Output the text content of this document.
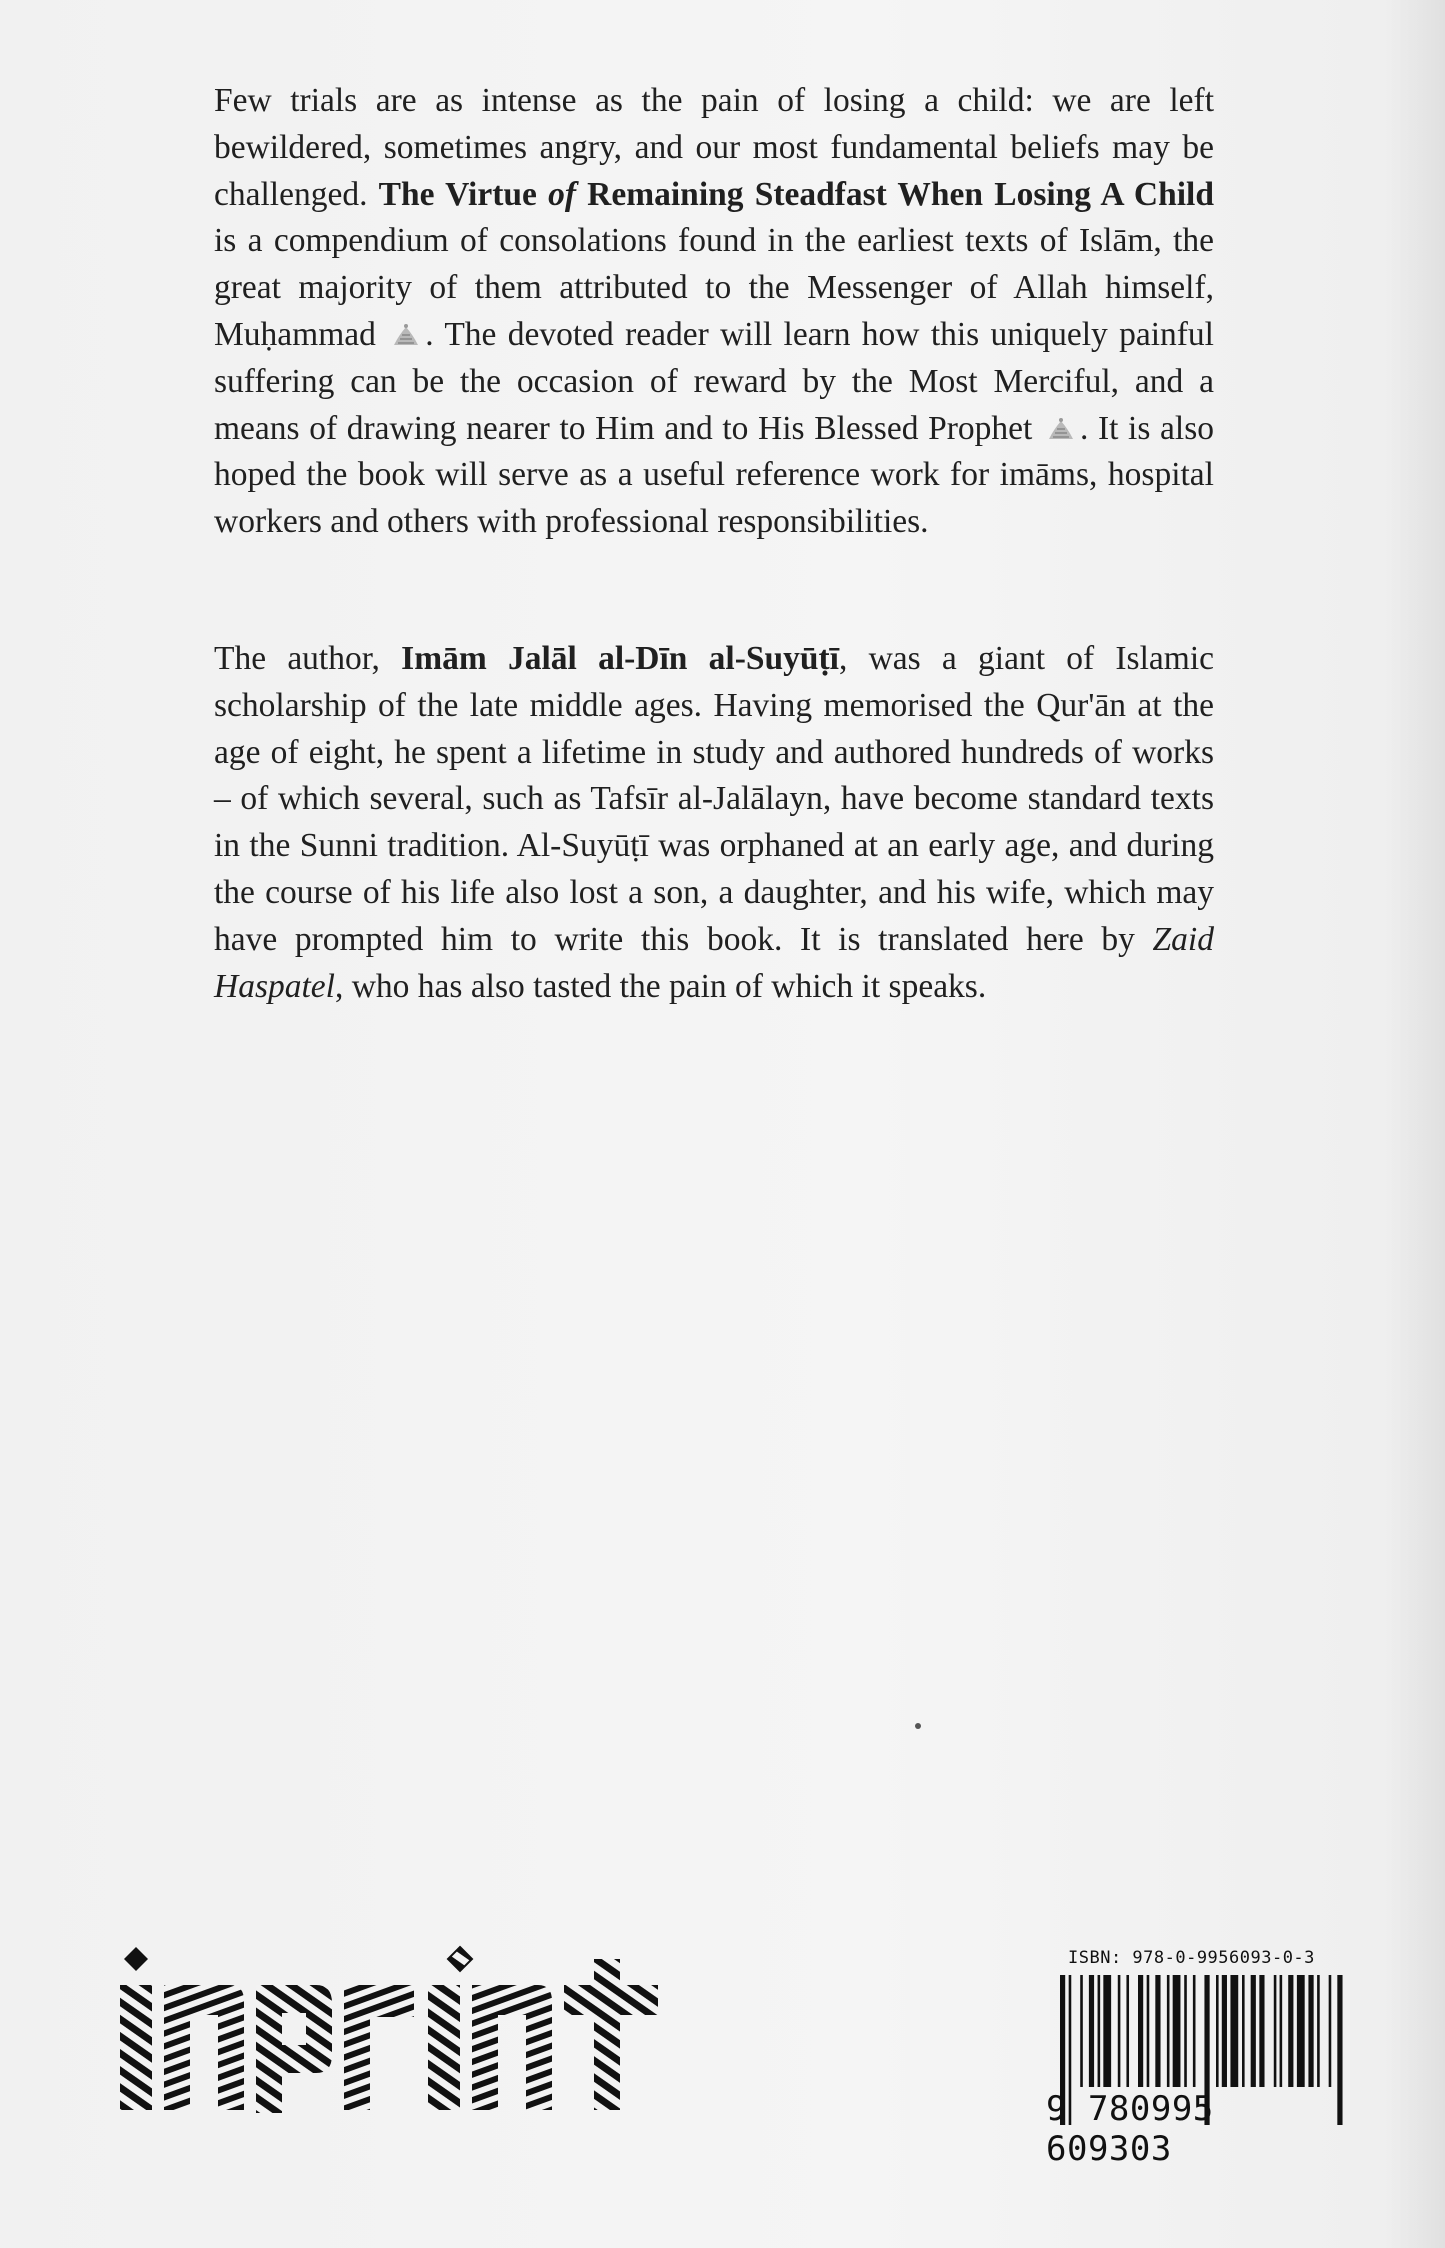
Few trials are as intense as the pain of losing a child: we are left bewildered, sometimes angry, and our most fundamental beliefs may be challenged. The Virtue of Remaining Steadfast When Losing A Child is a compendium of consolations found in the earliest texts of Islām, the great majority of them attributed to the Messenger of Allah himself, Muḥammad . The devoted reader will learn how this uniquely painful suffering can be the occasion of reward by the Most Merciful, and a means of drawing nearer to Him and to His Blessed Prophet . It is also hoped the book will serve as a useful reference work for imāms, hospital workers and others with professional responsibilities.
The author, Imām Jalāl al-Dīn al-Suyūṭī, was a giant of Islamic scholarship of the late middle ages. Having memorised the Qur'ān at the age of eight, he spent a lifetime in study and authored hundreds of works – of which several, such as Tafsīr al-Jalālayn, have become standard texts in the Sunni tradition. Al-Suyūṭī was orphaned at an early age, and during the course of his life also lost a son, a daughter, and his wife, which may have prompted him to write this book. It is translated here by Zaid Haspatel, who has also tasted the pain of which it speaks.
ISBN: 978-0-9956093-0-3
9 780995 609303
